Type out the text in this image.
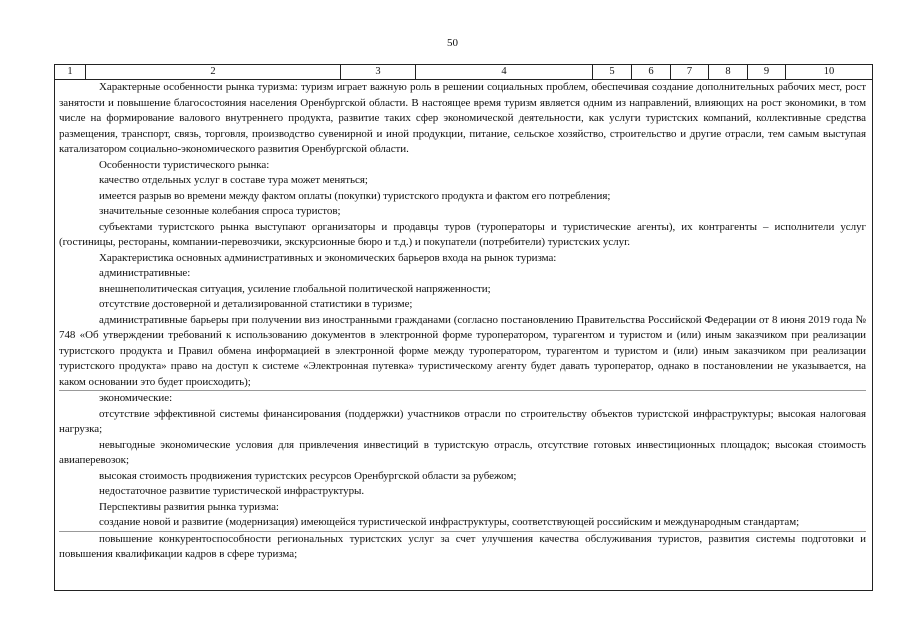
50
1	2	3	4	5	6	7	8	9	10

Характерные особенности рынка туризма: туризм играет важную роль в решении социальных проблем, обеспечивая создание дополнительных рабочих мест, рост занятости и повышение благосостояния населения Оренбургской области. В настоящее время туризм является одним из направлений, влияющих на рост экономики, в том числе на формирование валового внутреннего продукта, развитие таких сфер экономической деятельности, как услуги туристских компаний, коллективные средства размещения, транспорт, связь, торговля, производство сувенирной и иной продукции, питание, сельское хозяйство, строительство и другие отрасли, тем самым выступая катализатором социально-экономического развития Оренбургской области.

Особенности туристического рынка:

качество отдельных услуг в составе тура может меняться;

имеется разрыв во времени между фактом оплаты (покупки) туристского продукта и фактом его потребления;

значительные сезонные колебания спроса туристов;

субъектами туристского рынка выступают организаторы и продавцы туров (туроператоры и туристические агенты), их контрагенты – исполнители услуг (гостиницы, рестораны, компании-перевозчики, экскурсионные бюро и т.д.) и покупатели (потребители) туристских услуг.

Характеристика основных административных и экономических барьеров входа на рынок туризма:

административные:

внешнеполитическая ситуация, усиление глобальной политической напряженности;

отсутствие достоверной и детализированной статистики в туризме;

административные барьеры при получении виз иностранными гражданами (согласно постановлению Правительства Российской Федерации от 8 июня 2019 года № 748 «Об утверждении требований к использованию документов в электронной форме туроператором, турагентом и туристом и (или) иным заказчиком при реализации туристского продукта и Правил обмена информацией в электронной форме между туроператором, турагентом и туристом и (или) иным заказчиком при реализации туристского продукта» право на доступ к системе «Электронная путевка» туристическому агенту будет давать туроператор, однако в постановлении не указывается, на каком основании это будет происходить);

экономические:

отсутствие эффективной системы финансирования (поддержки) участников отрасли по строительству объектов туристской инфраструктуры; высокая налоговая нагрузка;

невыгодные экономические условия для привлечения инвестиций в туристскую отрасль, отсутствие готовых инвестиционных площадок; высокая стоимость авиаперевозок;

высокая стоимость продвижения туристских ресурсов Оренбургской области за рубежом;

недостаточное развитие туристической инфраструктуры.

Перспективы развития рынка туризма:

создание новой и развитие (модернизация) имеющейся туристической инфраструктуры, соответствующей российским и международным стандартам;

повышение конкурентоспособности региональных туристских услуг за счет улучшения качества обслуживания туристов, развития системы подготовки и повышения квалификации кадров в сфере туризма;
